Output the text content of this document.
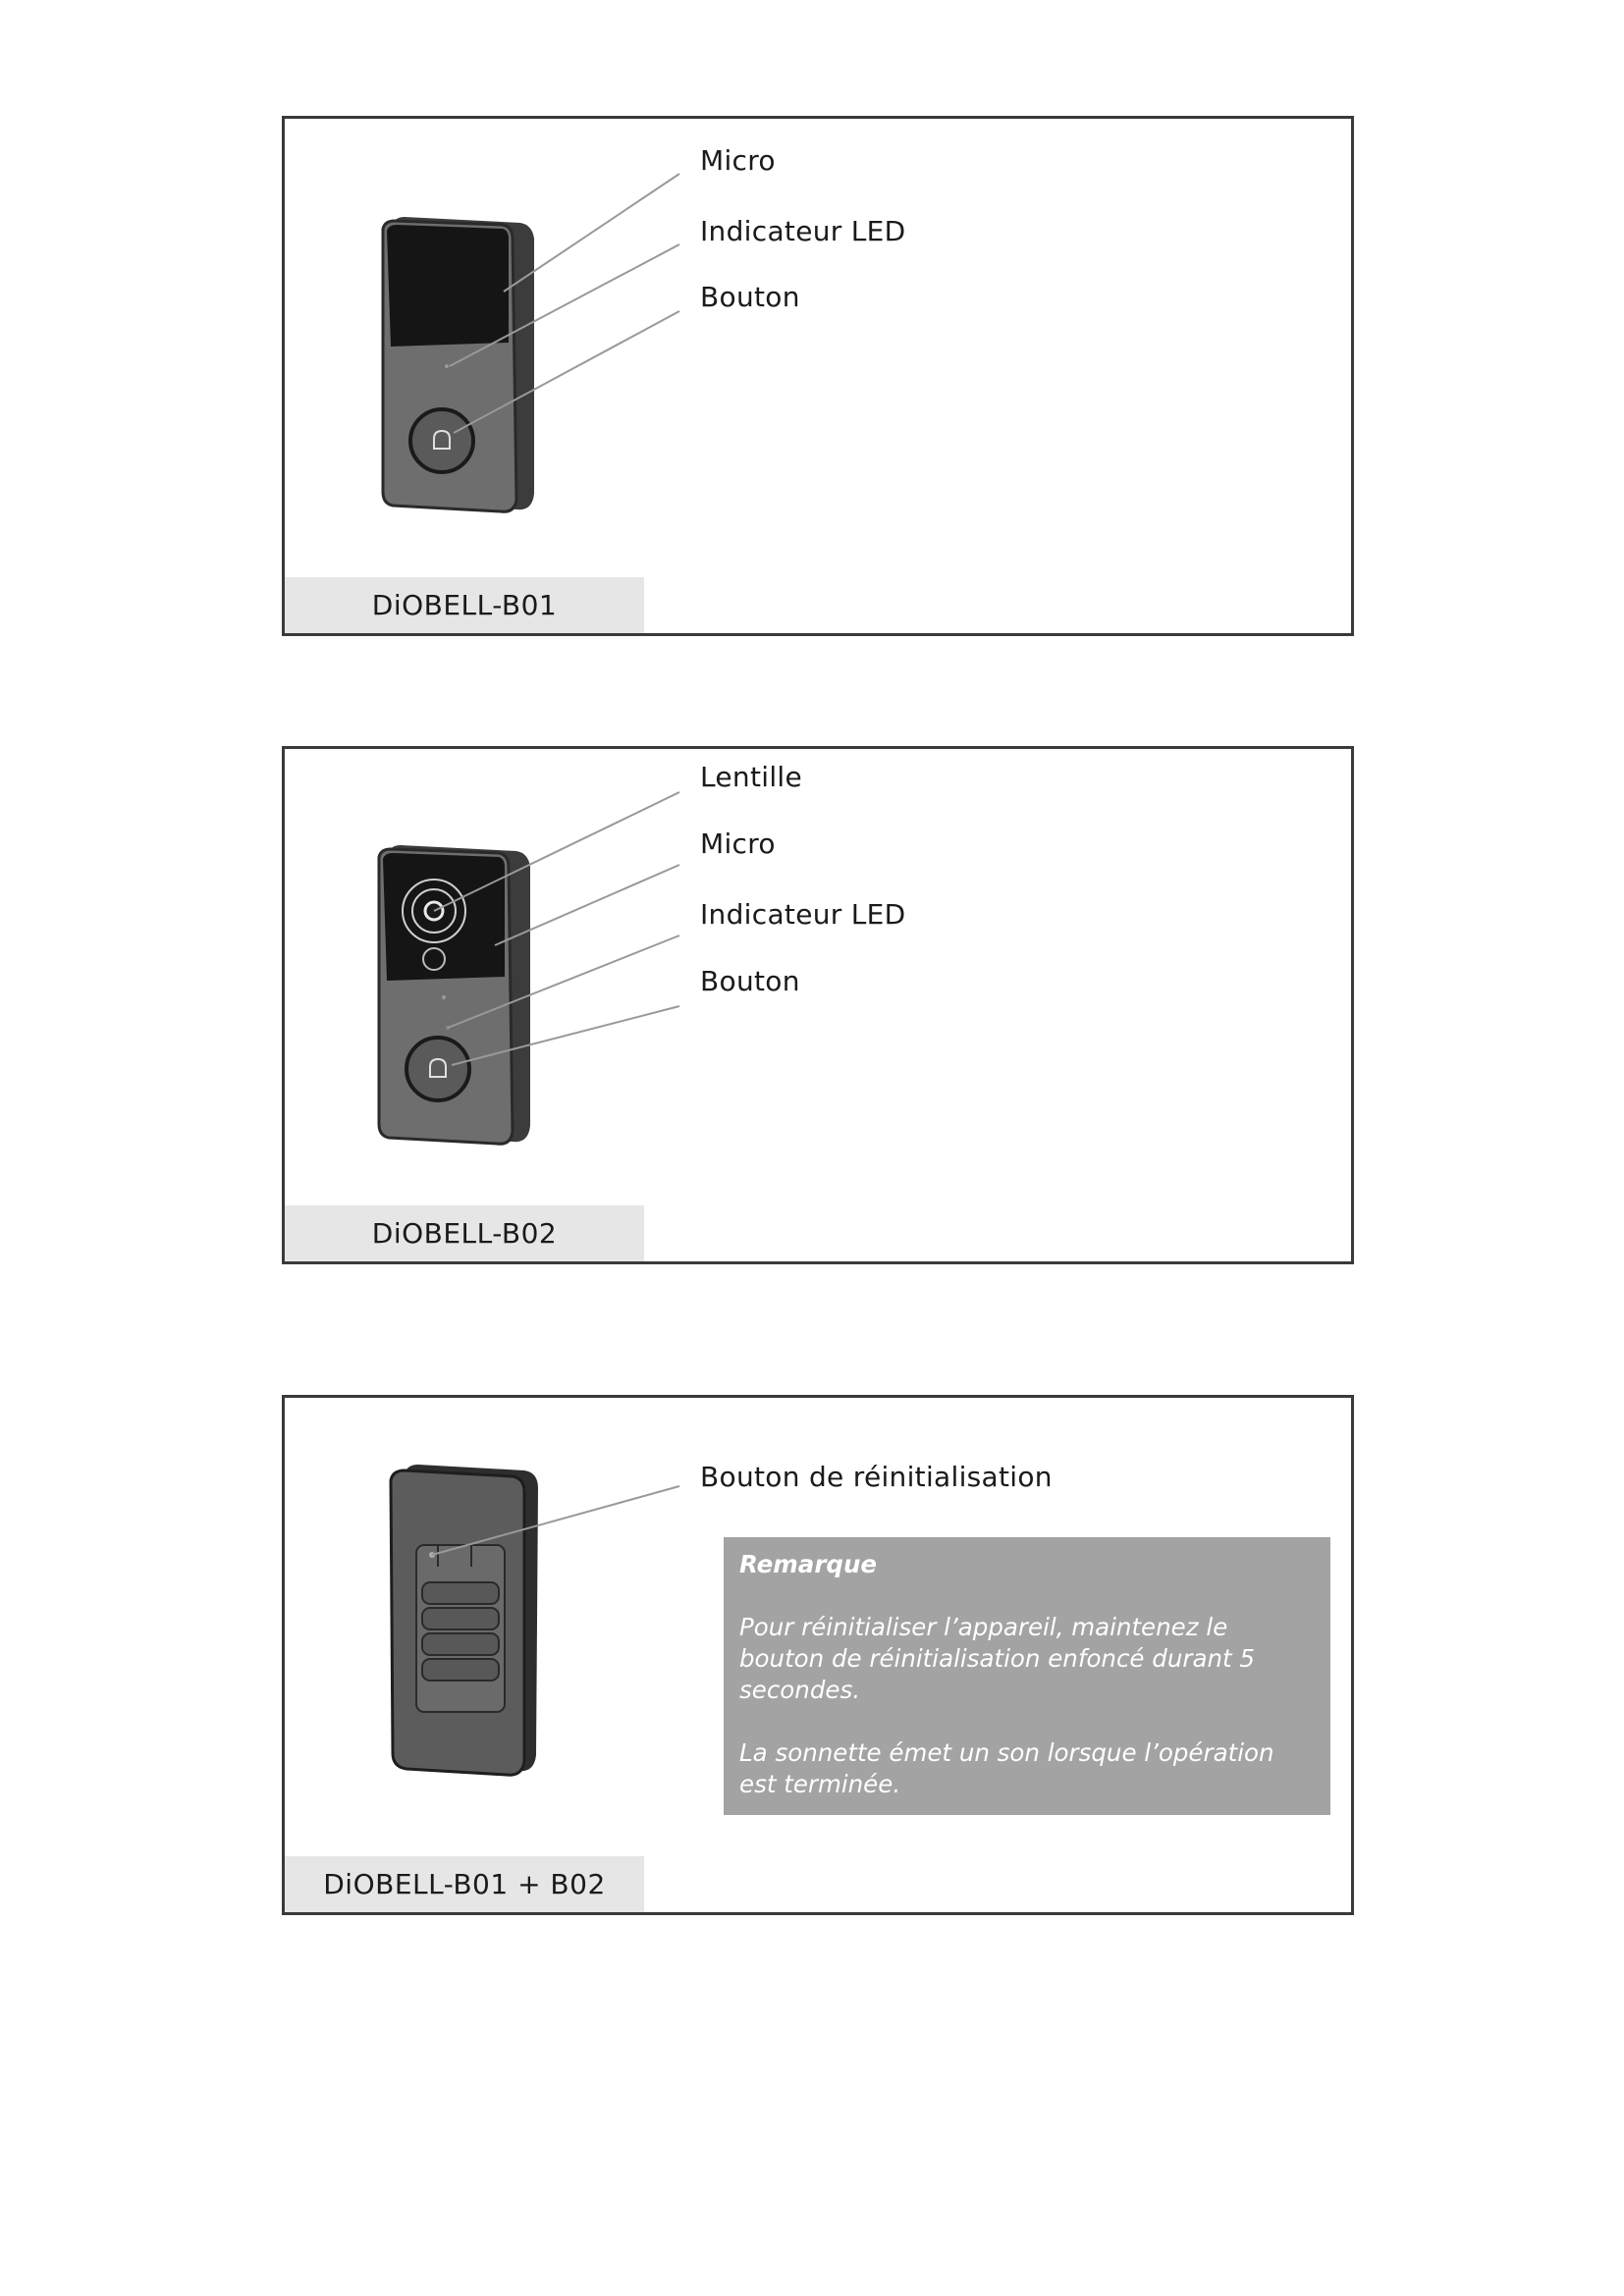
Micro
Indicateur LED
Bouton
DiOBELL-B01
Lentille
Micro
Indicateur LED
Bouton
DiOBELL-B02
Bouton de réinitialisation
Remarque

Pour réinitialiser l’appareil, maintenez le bouton de réinitialisation enfoncé durant 5 secondes.

La sonnette émet un son lorsque l’opération est terminée.

DiOBELL-B01 + B02
